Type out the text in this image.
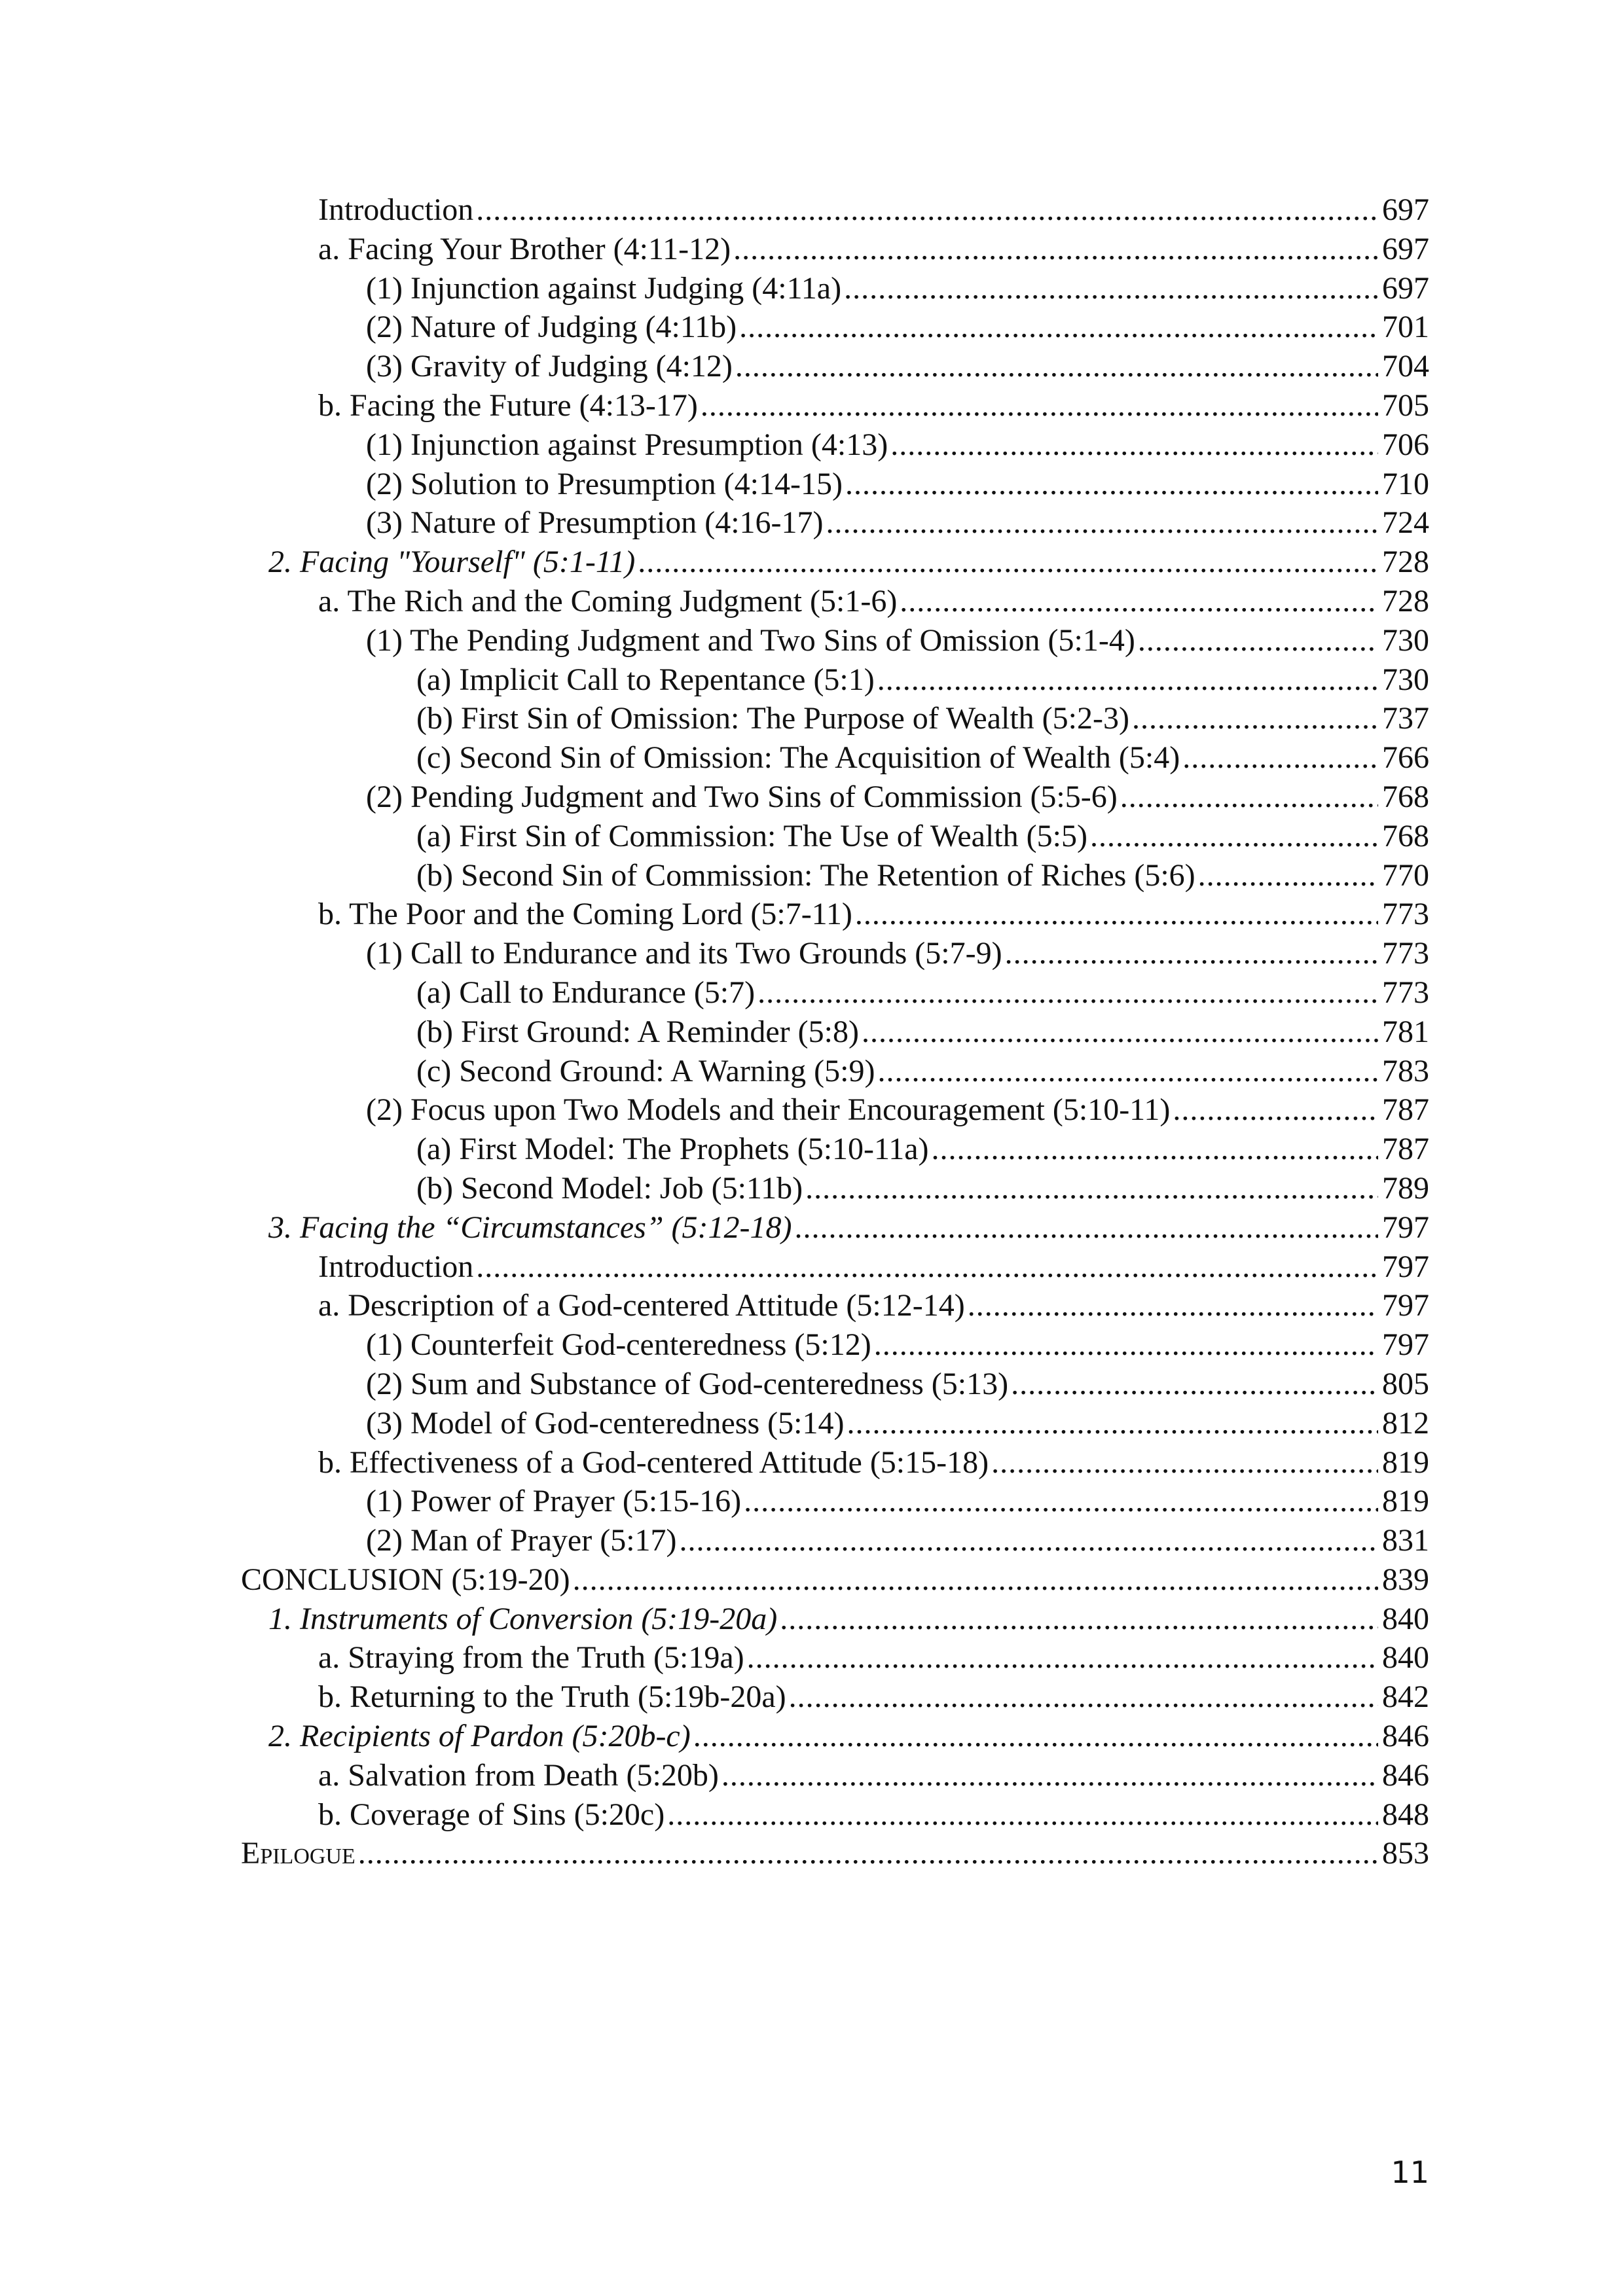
Introduction .....	697
a. Facing Your Brother (4:11-12) .....	697
(1) Injunction against Judging (4:11a) .....	697
(2) Nature of Judging (4:11b) .....	701
(3) Gravity of Judging (4:12) .....	704
b. Facing the Future (4:13-17) .....	705
(1) Injunction against Presumption (4:13) .....	706
(2) Solution to Presumption (4:14-15) .....	710
(3) Nature of Presumption (4:16-17) .....	724
2. Facing "Yourself" (5:1-11) .....	728
a. The Rich and the Coming Judgment (5:1-6) .....	728
(1) The Pending Judgment and Two Sins of Omission (5:1-4) .....	730
(a) Implicit Call to Repentance (5:1) .....	730
(b) First Sin of Omission: The Purpose of Wealth (5:2-3) .....	737
(c) Second Sin of Omission: The Acquisition of Wealth (5:4) .....	766
(2) Pending Judgment and Two Sins of Commission (5:5-6) .....	768
(a) First Sin of Commission: The Use of Wealth (5:5) .....	768
(b) Second Sin of Commission: The Retention of Riches (5:6) .....	770
b. The Poor and the Coming Lord (5:7-11) .....	773
(1) Call to Endurance and its Two Grounds (5:7-9) .....	773
(a) Call to Endurance (5:7) .....	773
(b) First Ground: A Reminder (5:8) .....	781
(c) Second Ground: A Warning (5:9) .....	783
(2) Focus upon Two Models and their Encouragement (5:10-11) .....	787
(a) First Model: The Prophets (5:10-11a) .....	787
(b) Second Model: Job (5:11b) .....	789
3. Facing the “Circumstances” (5:12-18) .....	797
Introduction .....	797
a. Description of a God-centered Attitude (5:12-14) .....	797
(1) Counterfeit God-centeredness (5:12) .....	797
(2) Sum and Substance of God-centeredness (5:13) .....	805
(3) Model of God-centeredness (5:14) .....	812
b. Effectiveness of a God-centered Attitude (5:15-18) .....	819
(1) Power of Prayer (5:15-16) .....	819
(2) Man of Prayer (5:17) .....	831
CONCLUSION (5:19-20) .....	839
1. Instruments of Conversion (5:19-20a) .....	840
a. Straying from the Truth (5:19a) .....	840
b. Returning to the Truth (5:19b-20a) .....	842
2. Recipients of Pardon (5:20b-c) .....	846
a. Salvation from Death (5:20b) .....	846
b. Coverage of Sins (5:20c) .....	848
Epilogue .....	853
11
